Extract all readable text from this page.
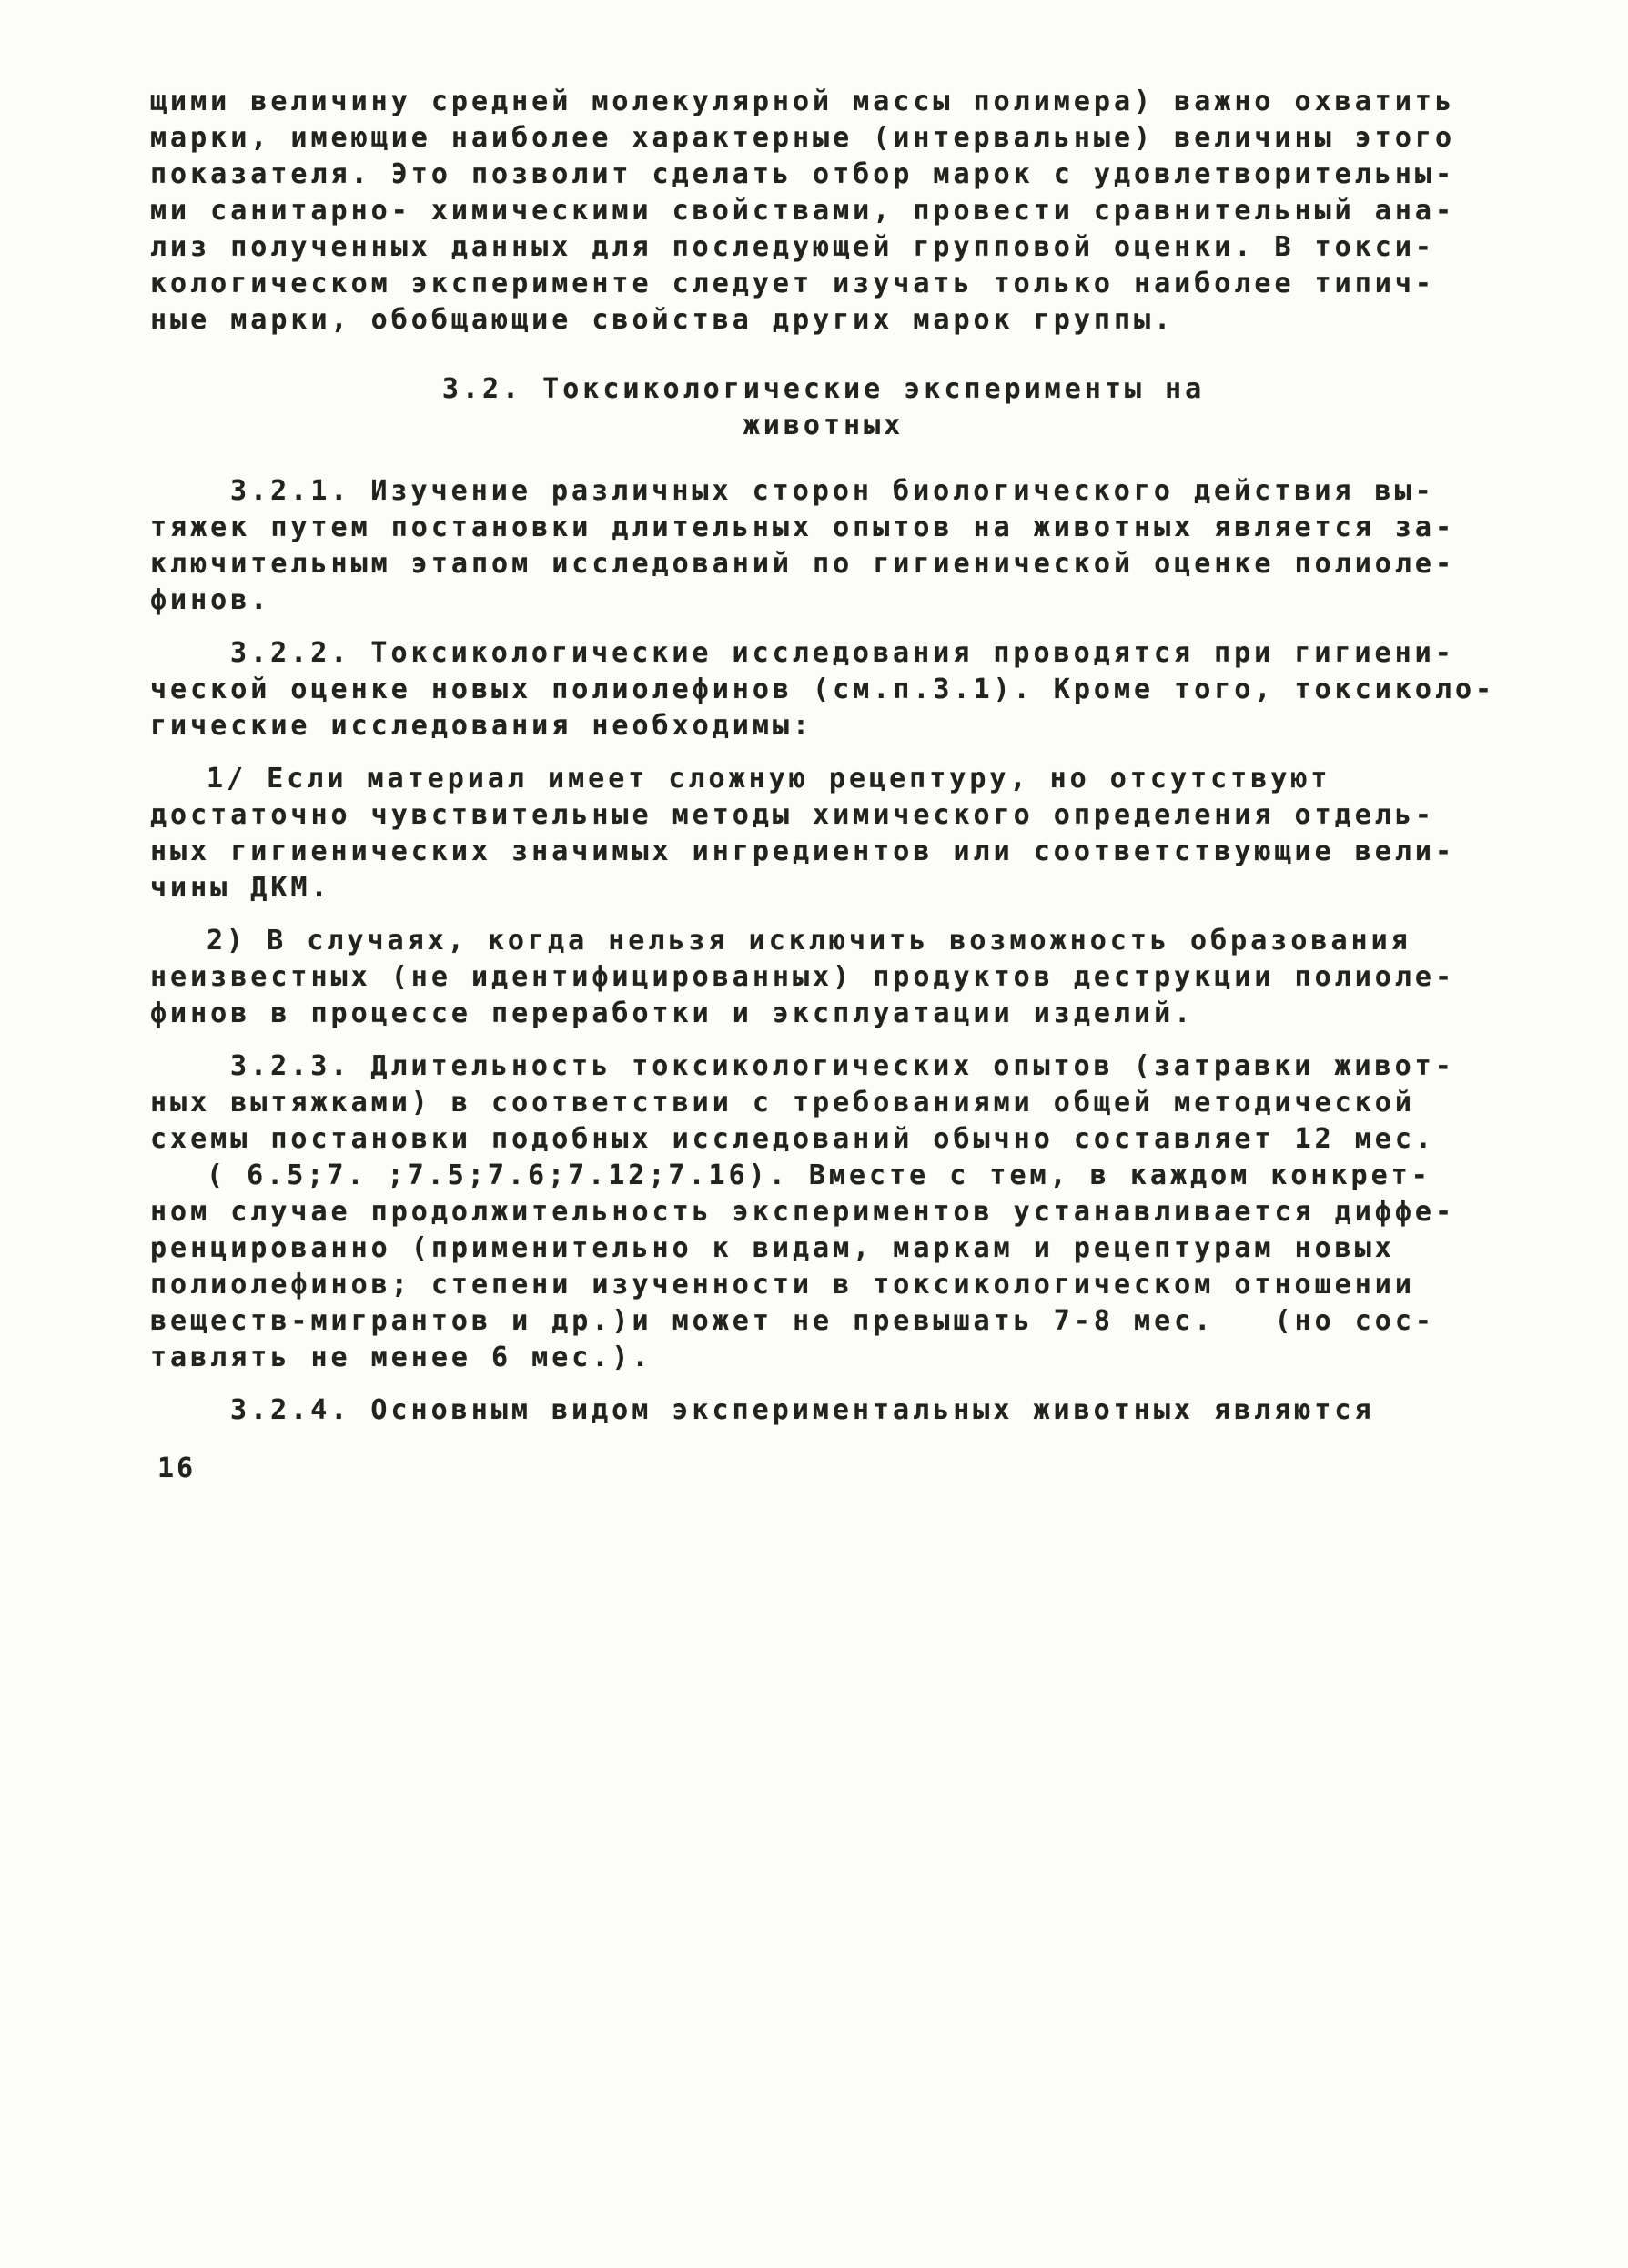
щими величину средней молекулярной массы полимера) важно охватить
марки, имеющие наиболее характерные (интервальные) величины этого
показателя. Это позволит сделать отбор марок с удовлетворительны-
ми санитарно- химическими свойствами, провести сравнительный ана-
лиз полученных данных для последующей групповой оценки. В токси-
кологическом эксперименте следует изучать только наиболее типич-
ные марки, обобщающие свойства других марок группы.
3.2. Токсикологические эксперименты на
животных
3.2.1. Изучение различных сторон биологического действия вы-
тяжек путем постановки длительных опытов на животных является за-
ключительным этапом исследований по гигиенической оценке полиоле-
финов.
3.2.2. Токсикологические исследования проводятся при гигиени-
ческой оценке новых полиолефинов (см.п.3.1). Кроме того, токсиколо-
гические исследования необходимы:
1/ Если материал имеет сложную рецептуру, но отсутствуют
достаточно чувствительные методы химического определения отдель-
ных гигиенических значимых ингредиентов или соответствующие вели-
чины ДКМ.
2) В случаях, когда нельзя исключить возможность образования
неизвестных (не идентифицированных) продуктов деструкции полиоле-
финов в процессе переработки и эксплуатации изделий.
3.2.3. Длительность токсикологических опытов (затравки живот-
ных вытяжками) в соответствии с требованиями общей методической
схемы постановки подобных исследований обычно составляет 12 мес.
( 6.5;7. ;7.5;7.6;7.12;7.16). Вместе с тем, в каждом конкрет-
ном случае продолжительность экспериментов устанавливается диффе-
ренцированно (применительно к видам, маркам и рецептурам новых
полиолефинов; степени изученности в токсикологическом отношении
веществ-мигрантов и др.)и может не превышать 7-8 мес.   (но сос-
тавлять не менее 6 мес.).
3.2.4. Основным видом экспериментальных животных являются
16
